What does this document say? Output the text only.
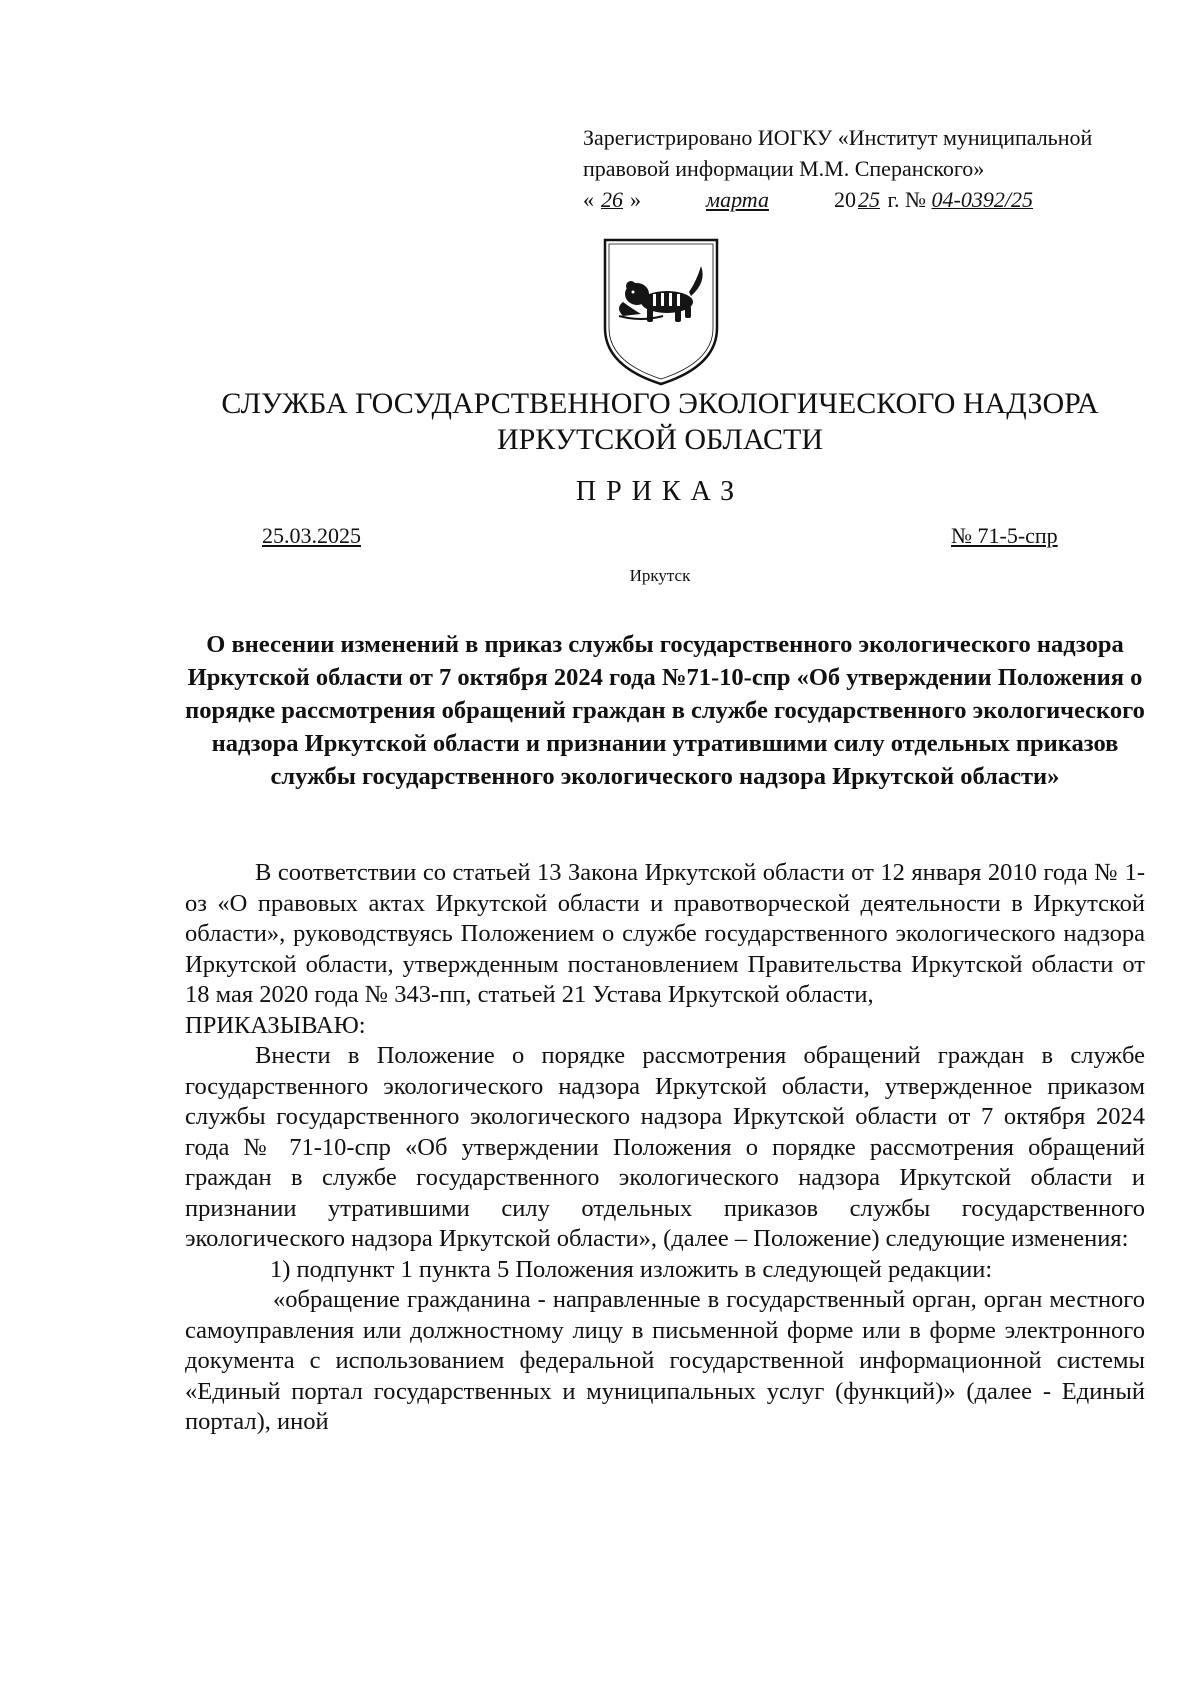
Зарегистрировано ИОГКУ «Институт муниципальной
правовой информации М.М. Сперанского»
« 26 »	марта	2025 г. № 04-0392/25
СЛУЖБА ГОСУДАРСТВЕННОГО ЭКОЛОГИЧЕСКОГО НАДЗОРА
ИРКУТСКОЙ ОБЛАСТИ
ПРИКАЗ
25.03.2025	№ 71-5-спр
Иркутск
О внесении изменений в приказ службы государственного экологического надзора Иркутской области от 7 октября 2024 года №71-10-спр «Об утверждении Положения о порядке рассмотрения обращений граждан в службе государственного экологического надзора Иркутской области и признании утратившими силу отдельных приказов службы государственного экологического надзора Иркутской области»

В соответствии со статьей 13 Закона Иркутской области от 12 января 2010 года № 1-оз «О правовых актах Иркутской области и правотворческой деятельности в Иркутской области», руководствуясь Положением о службе государственного экологического надзора Иркутской области, утвержденным постановлением Правительства Иркутской области от 18 мая 2020 года № 343-пп, статьей 21 Устава Иркутской области,

ПРИКАЗЫВАЮ:

Внести в Положение о порядке рассмотрения обращений граждан в службе государственного экологического надзора Иркутской области, утвержденное приказом службы государственного экологического надзора Иркутской области от 7 октября 2024 года № 71-10-спр «Об утверждении Положения о порядке рассмотрения обращений граждан в службе государственного экологического надзора Иркутской области и признании утратившими силу отдельных приказов службы государственного экологического надзора Иркутской области», (далее – Положение) следующие изменения:

1) подпункт 1 пункта 5 Положения изложить в следующей редакции:

«обращение гражданина - направленные в государственный орган, орган местного самоуправления или должностному лицу в письменной форме или в форме электронного документа с использованием федеральной государственной информационной системы «Единый портал государственных и муниципальных услуг (функций)» (далее - Единый портал), иной
